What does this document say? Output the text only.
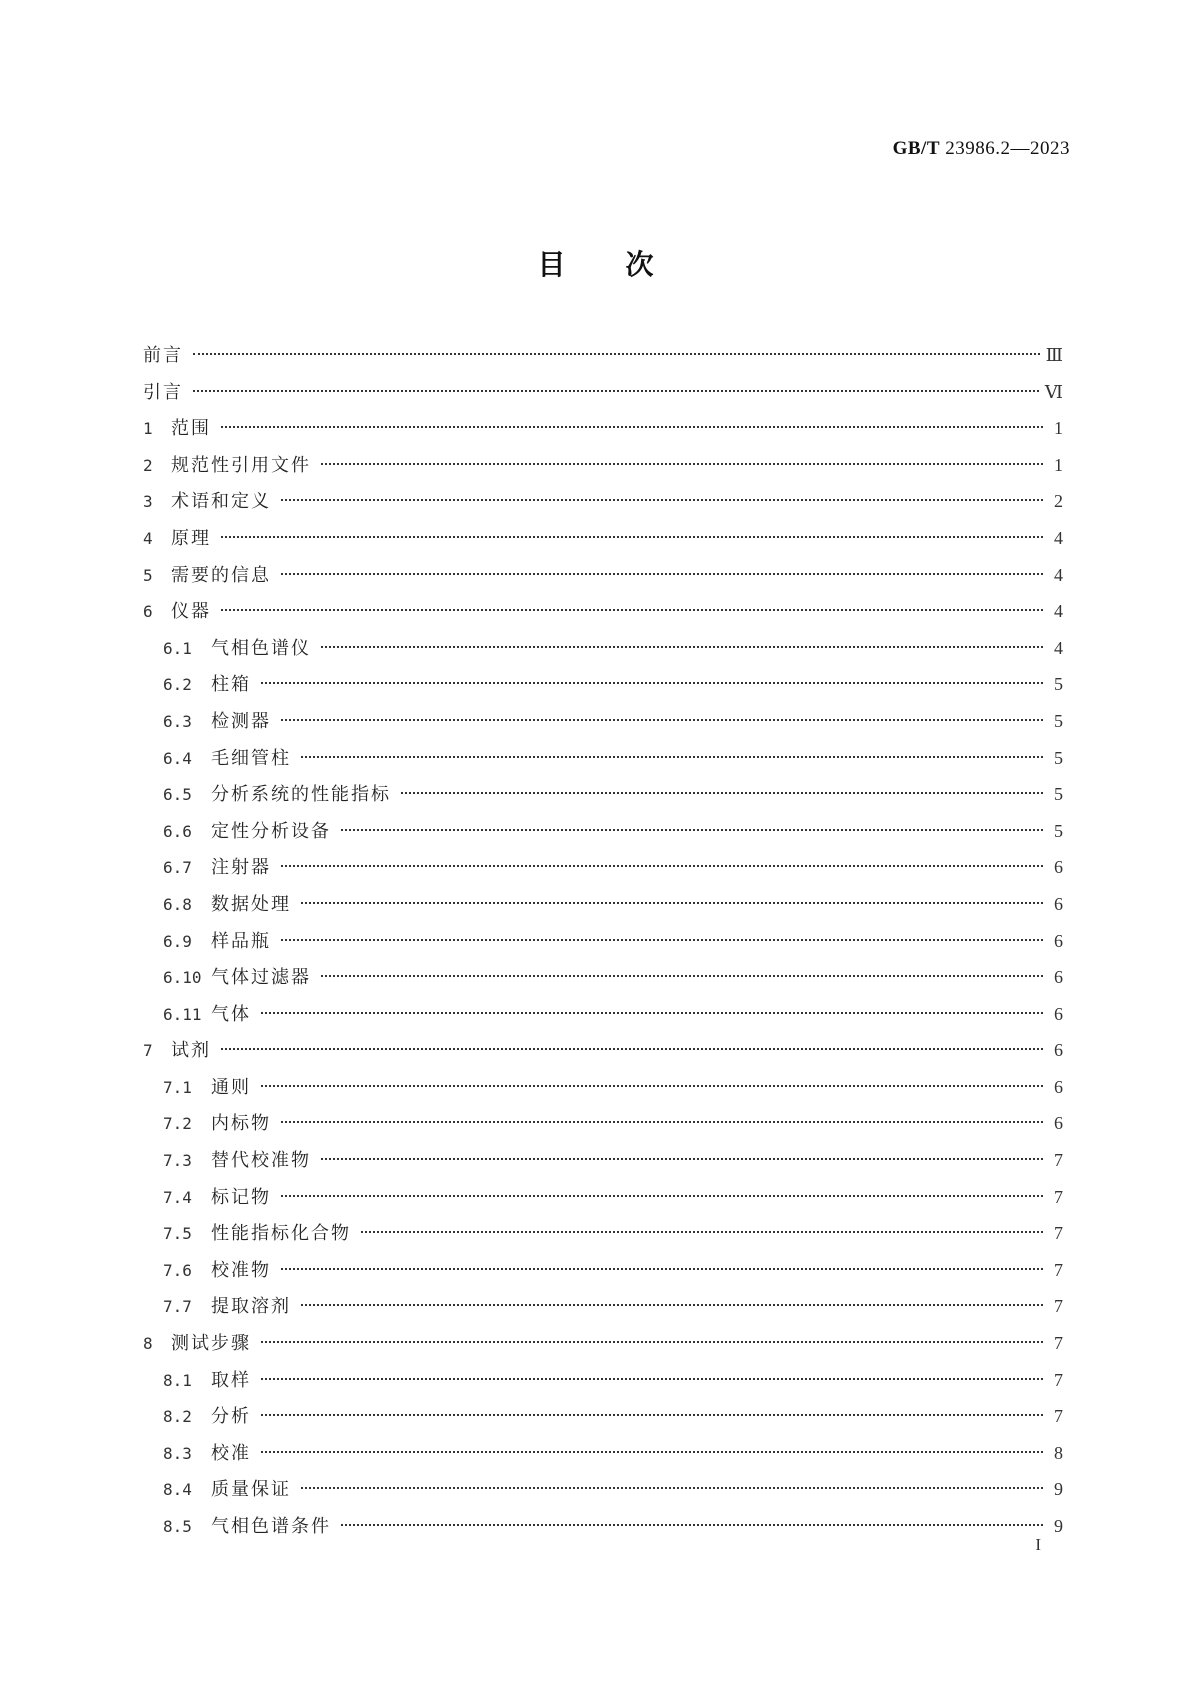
GB/T 23986.2—2023
目次
前言	Ⅲ
引言	Ⅵ
1	范围	1
2	规范性引用文件	1
3	术语和定义	2
4	原理	4
5	需要的信息	4
6	仪器	4
6.1	气相色谱仪	4
6.2	柱箱	5
6.3	检测器	5
6.4	毛细管柱	5
6.5	分析系统的性能指标	5
6.6	定性分析设备	5
6.7	注射器	6
6.8	数据处理	6
6.9	样品瓶	6
6.10 气体过滤器	6
6.11 气体	6
7	试剂	6
7.1	通则	6
7.2	内标物	6
7.3	替代校准物	7
7.4	标记物	7
7.5	性能指标化合物	7
7.6	校准物	7
7.7	提取溶剂	7
8	测试步骤	7
8.1	取样	7
8.2	分析	7
8.3	校准	8
8.4	质量保证	9
8.5	气相色谱条件	9
I
